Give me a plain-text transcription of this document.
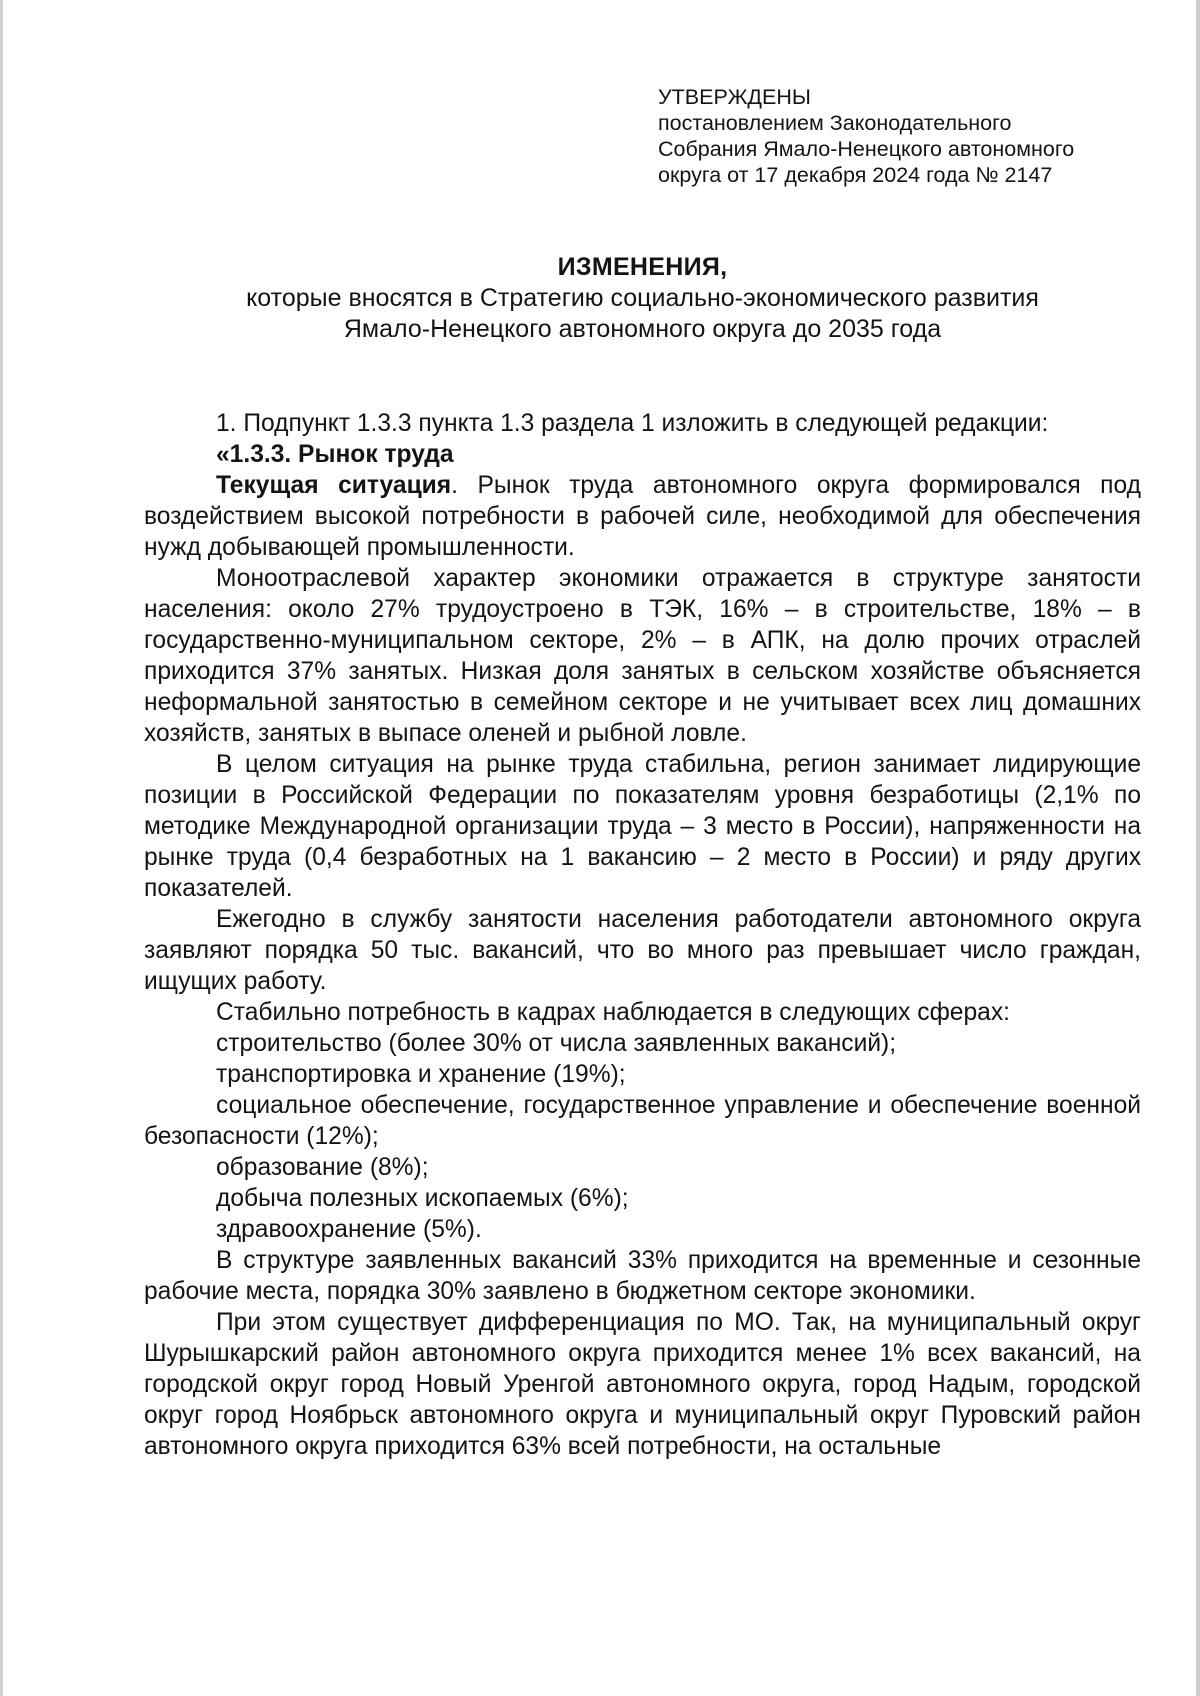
УТВЕРЖДЕНЫ
постановлением Законодательного
Собрания Ямало-Ненецкого автономного
округа от 17 декабря 2024 года № 2147
ИЗМЕНЕНИЯ,
которые вносятся в Стратегию социально-экономического развития
Ямало-Ненецкого автономного округа до 2035 года

1. Подпункт 1.3.3 пункта 1.3 раздела 1 изложить в следующей редакции:

«1.3.3. Рынок труда

Текущая ситуация. Рынок труда автономного округа формировался под воздействием высокой потребности в рабочей силе, необходимой для обеспечения нужд добывающей промышленности.

Моноотраслевой характер экономики отражается в структуре занятости населения: около 27% трудоустроено в ТЭК, 16% – в строительстве, 18% – в государственно-муниципальном секторе, 2% – в АПК, на долю прочих отраслей приходится 37% занятых. Низкая доля занятых в сельском хозяйстве объясняется неформальной занятостью в семейном секторе и не учитывает всех лиц домашних хозяйств, занятых в выпасе оленей и рыбной ловле.

В целом ситуация на рынке труда стабильна, регион занимает лидирующие позиции в Российской Федерации по показателям уровня безработицы (2,1% по методике Международной организации труда – 3 место в России), напряженности на рынке труда (0,4 безработных на 1 вакансию – 2 место в России) и ряду других показателей.

Ежегодно в службу занятости населения работодатели автономного округа заявляют порядка 50 тыс. вакансий, что во много раз превышает число граждан, ищущих работу.

Стабильно потребность в кадрах наблюдается в следующих сферах:

строительство (более 30% от числа заявленных вакансий);

транспортировка и хранение (19%);

социальное обеспечение, государственное управление и обеспечение военной безопасности (12%);

образование (8%);

добыча полезных ископаемых (6%);

здравоохранение (5%).

В структуре заявленных вакансий 33% приходится на временные и сезонные рабочие места, порядка 30% заявлено в бюджетном секторе экономики.

При этом существует дифференциация по МО. Так, на муниципальный округ Шурышкарский район автономного округа приходится менее 1% всех вакансий, на городской округ город Новый Уренгой автономного округа, город Надым, городской округ город Ноябрьск автономного округа и муниципальный округ Пуровский район автономного округа приходится 63% всей потребности, на остальные
